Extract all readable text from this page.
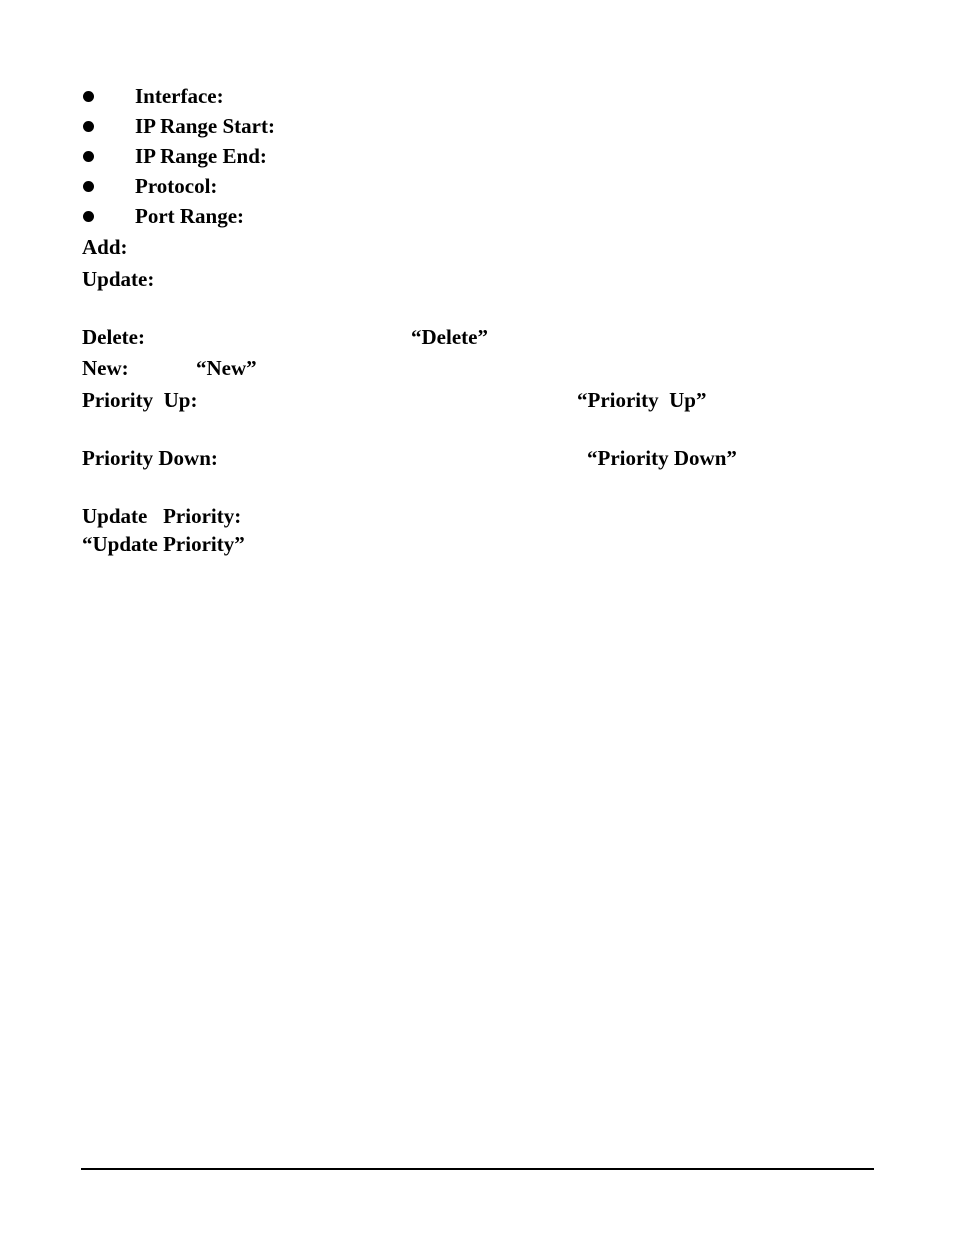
Interface:
IP Range Start:
IP Range End:
Protocol:
Port Range:
Add:
Update:
Delete:	“Delete”
New:	“New”
Priority  Up:	“Priority  Up”
Priority Down:	“Priority Down”
Update   Priority:
“Update Priority”
